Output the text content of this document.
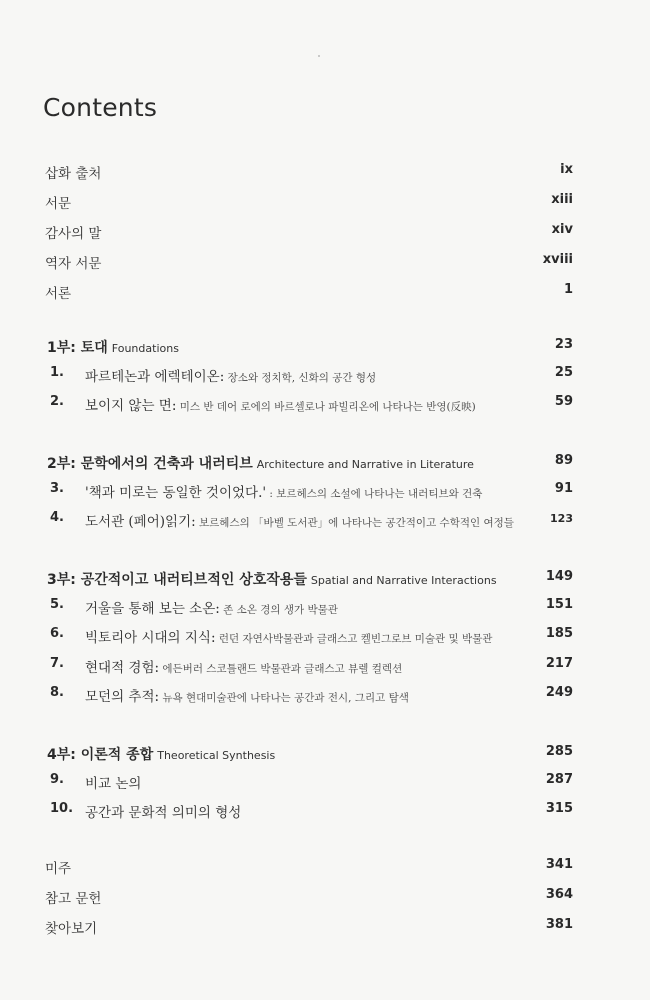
Contents
삽화 출처	ix
서문	xiii
감사의 말	xiv
역자 서문	xviii
서론	1
1부: 토대 Foundations	23
1. 파르테논과 에렉테이온: 장소와 정치학, 신화의 공간 형성	25
2. 보이지 않는 면: 미스 반 데어 로에의 바르셀로나 파빌리온에 나타나는 반영(反映)	59
2부: 문학에서의 건축과 내러티브 Architecture and Narrative in Literature	89
3. '책과 미로는 동일한 것이었다.' : 보르헤스의 소설에 나타나는 내러티브와 건축	91
4. 도서관 (페어)읽기: 보르헤스의 「바벨 도서관」에 나타나는 공간적이고 수학적인 여정들	123
3부: 공간적이고 내러티브적인 상호작용들 Spatial and Narrative Interactions	149
5. 거울을 통해 보는 소온: 존 소온 경의 생가 박물관	151
6. 빅토리아 시대의 지식: 런던 자연사박물관과 글래스고 켈빈그로브 미술관 및 박물관	185
7. 현대적 경험: 에든버러 스코틀랜드 박물관과 글래스고 뷰렐 컬렉션	217
8. 모던의 추적: 뉴욕 현대미술관에 나타나는 공간과 전시, 그리고 탐색	249
4부: 이론적 종합 Theoretical Synthesis	285
9. 비교 논의	287
10. 공간과 문화적 의미의 형성	315
미주	341
참고 문헌	364
찾아보기	381
